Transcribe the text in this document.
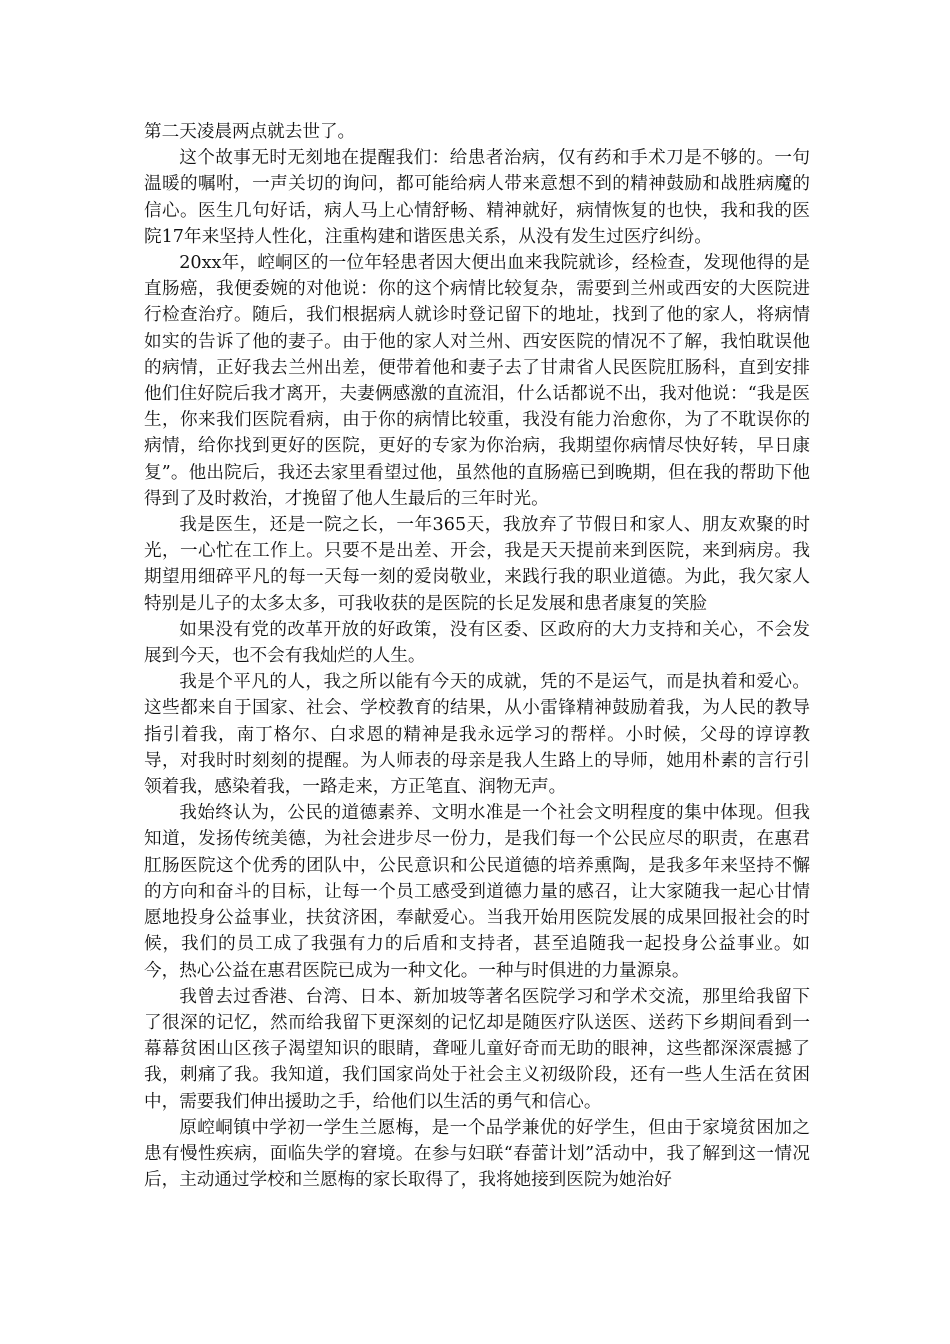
第二天凌晨两点就去世了。

这个故事无时无刻地在提醒我们：给患者治病，仅有药和手术刀是不够的。一句温暖的嘱咐，一声关切的询问，都可能给病人带来意想不到的精神鼓励和战胜病魔的信心。医生几句好话，病人马上心情舒畅、精神就好，病情恢复的也快，我和我的医院17年来坚持人性化，注重构建和谐医患关系，从没有发生过医疗纠纷。

20xx年，崆峒区的一位年轻患者因大便出血来我院就诊，经检查，发现他得的是直肠癌，我便委婉的对他说：你的这个病情比较复杂，需要到兰州或西安的大医院进行检查治疗。随后，我们根据病人就诊时登记留下的地址，找到了他的家人，将病情如实的告诉了他的妻子。由于他的家人对兰州、西安医院的情况不了解，我怕耽误他的病情，正好我去兰州出差，便带着他和妻子去了甘肃省人民医院肛肠科，直到安排他们住好院后我才离开，夫妻俩感激的直流泪，什么话都说不出，我对他说：“我是医生，你来我们医院看病，由于你的病情比较重，我没有能力治愈你，为了不耽误你的病情，给你找到更好的医院，更好的专家为你治病，我期望你病情尽快好转，早日康复”。他出院后，我还去家里看望过他，虽然他的直肠癌已到晚期，但在我的帮助下他得到了及时救治，才挽留了他人生最后的三年时光。

我是医生，还是一院之长，一年365天，我放弃了节假日和家人、朋友欢聚的时光，一心忙在工作上。只要不是出差、开会，我是天天提前来到医院，来到病房。我期望用细碎平凡的每一天每一刻的爱岗敬业，来践行我的职业道德。为此，我欠家人特别是儿子的太多太多，可我收获的是医院的长足发展和患者康复的笑脸

如果没有党的改革开放的好政策，没有区委、区政府的大力支持和关心，不会发展到今天，也不会有我灿烂的人生。

我是个平凡的人，我之所以能有今天的成就，凭的不是运气，而是执着和爱心。这些都来自于国家、社会、学校教育的结果，从小雷锋精神鼓励着我，为人民的教导指引着我，南丁格尔、白求恩的精神是我永远学习的帮样。小时候，父母的谆谆教导，对我时时刻刻的提醒。为人师表的母亲是我人生路上的导师，她用朴素的言行引领着我，感染着我，一路走来，方正笔直、润物无声。

我始终认为，公民的道德素养、文明水准是一个社会文明程度的集中体现。但我知道，发扬传统美德，为社会进步尽一份力，是我们每一个公民应尽的职责，在惠君肛肠医院这个优秀的团队中，公民意识和公民道德的培养熏陶，是我多年来坚持不懈的方向和奋斗的目标，让每一个员工感受到道德力量的感召，让大家随我一起心甘情愿地投身公益事业，扶贫济困，奉献爱心。当我开始用医院发展的成果回报社会的时候，我们的员工成了我强有力的后盾和支持者，甚至追随我一起投身公益事业。如今，热心公益在惠君医院已成为一种文化。一种与时俱进的力量源泉。

我曾去过香港、台湾、日本、新加坡等著名医院学习和学术交流，那里给我留下了很深的记忆，然而给我留下更深刻的记忆却是随医疗队送医、送药下乡期间看到一幕幕贫困山区孩子渴望知识的眼睛，聋哑儿童好奇而无助的眼神，这些都深深震撼了我，刺痛了我。我知道，我们国家尚处于社会主义初级阶段，还有一些人生活在贫困中，需要我们伸出援助之手，给他们以生活的勇气和信心。

原崆峒镇中学初一学生兰愿梅，是一个品学兼优的好学生，但由于家境贫困加之患有慢性疾病，面临失学的窘境。在参与妇联“春蕾计划”活动中，我了解到这一情况后，主动通过学校和兰愿梅的家长取得了，我将她接到医院为她治好
